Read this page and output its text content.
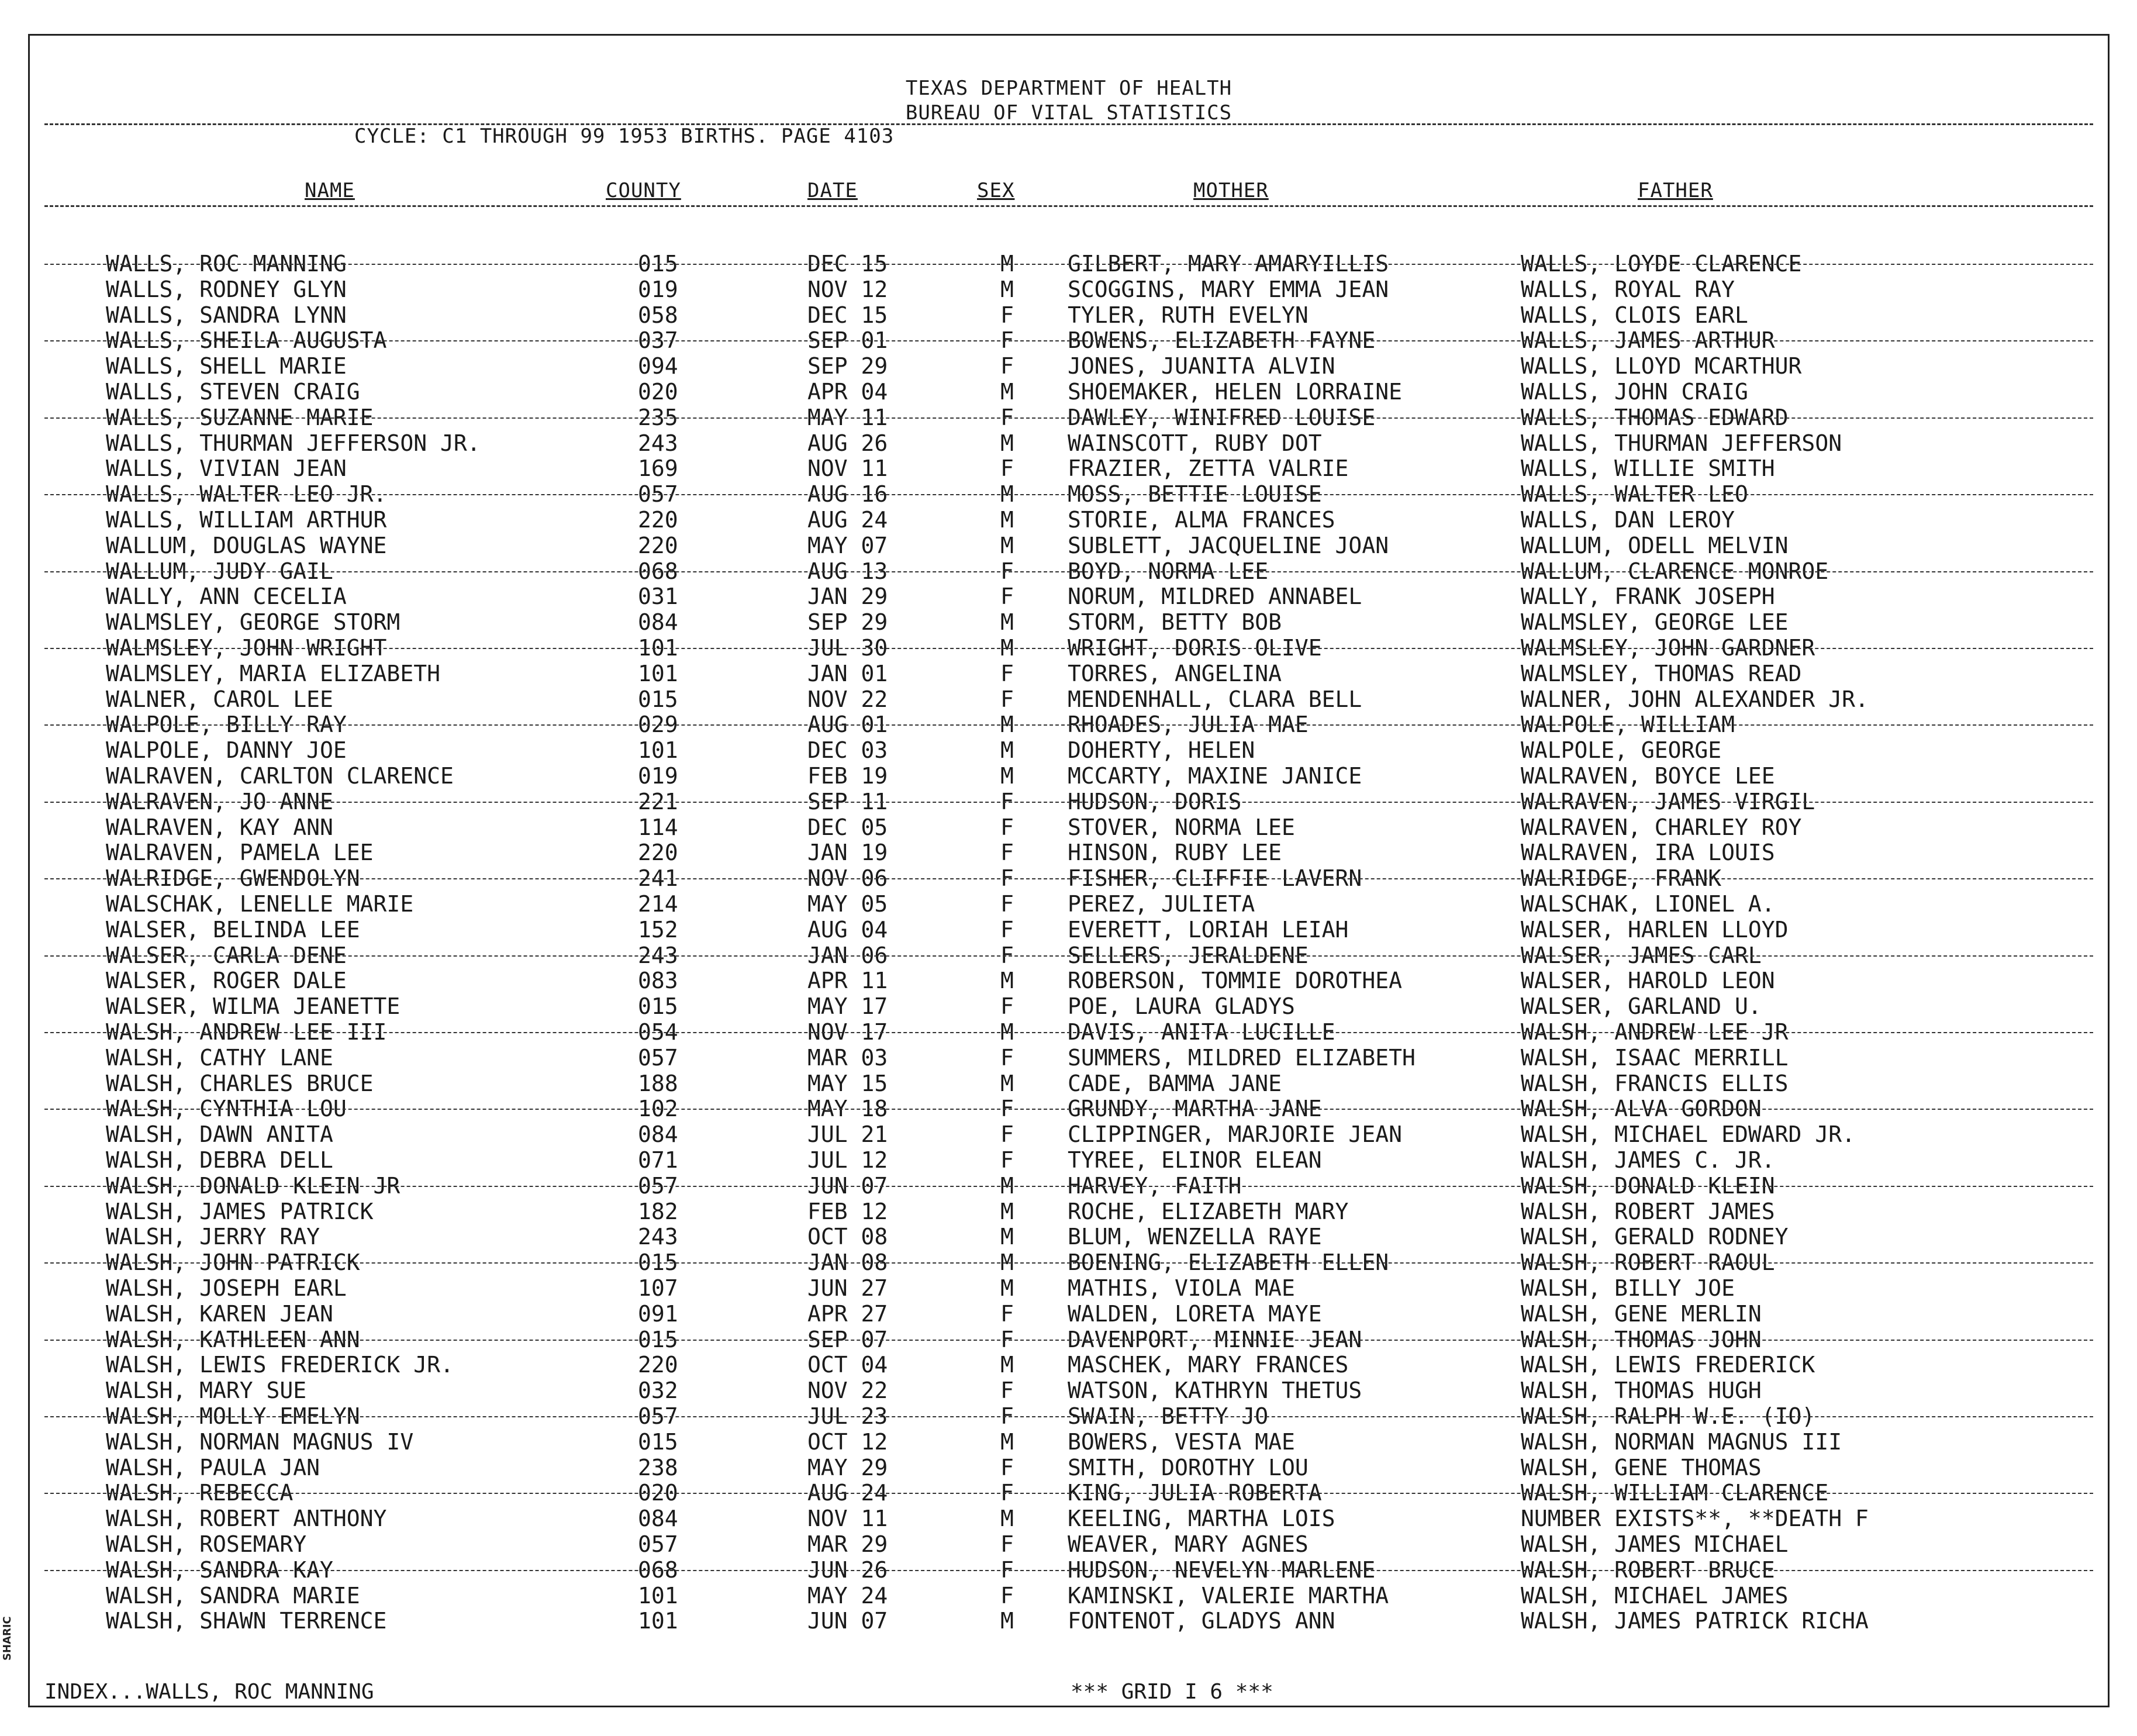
TEXAS DEPARTMENT OF HEALTH
BUREAU OF VITAL STATISTICS
CYCLE: C1 THROUGH 99 1953 BIRTHS. PAGE 4103
NAME	COUNTY	DATE	SEX	MOTHER	FATHER
WALLS, ROC MANNING	015	DEC 15	M GILBERT, MARY AMARYILLIS	WALLS, LOYDE CLARENCE
WALLS, RODNEY GLYN	019	NOV 12	M SCOGGINS, MARY EMMA JEAN	WALLS, ROYAL RAY
WALLS, SANDRA LYNN	058	DEC 15	F TYLER, RUTH EVELYN	WALLS, CLOIS EARL
WALLS, SHEILA AUGUSTA	037	SEP 01	F BOWENS, ELIZABETH FAYNE	WALLS, JAMES ARTHUR
WALLS, SHELL MARIE	094	SEP 29	F JONES, JUANITA ALVIN	WALLS, LLOYD MCARTHUR
WALLS, STEVEN CRAIG	020	APR 04	M SHOEMAKER, HELEN LORRAINE	WALLS, JOHN CRAIG
WALLS, SUZANNE MARIE	235	MAY 11	F DAWLEY, WINIFRED LOUISE	WALLS, THOMAS EDWARD
WALLS, THURMAN JEFFERSON JR.	243	AUG 26	M WAINSCOTT, RUBY DOT	WALLS, THURMAN JEFFERSON
WALLS, VIVIAN JEAN	169	NOV 11	F FRAZIER, ZETTA VALRIE	WALLS, WILLIE SMITH
WALLS, WALTER LEO JR.	057	AUG 16	M MOSS, BETTIE LOUISE	WALLS, WALTER LEO
WALLS, WILLIAM ARTHUR	220	AUG 24	M STORIE, ALMA FRANCES	WALLS, DAN LEROY
WALLUM, DOUGLAS WAYNE	220	MAY 07	M SUBLETT, JACQUELINE JOAN	WALLUM, ODELL MELVIN
WALLUM, JUDY GAIL	068	AUG 13	F BOYD, NORMA LEE	WALLUM, CLARENCE MONROE
WALLY, ANN CECELIA	031	JAN 29	F NORUM, MILDRED ANNABEL	WALLY, FRANK JOSEPH
WALMSLEY, GEORGE STORM	084	SEP 29	M STORM, BETTY BOB	WALMSLEY, GEORGE LEE
WALMSLEY, JOHN WRIGHT	101	JUL 30	M WRIGHT, DORIS OLIVE	WALMSLEY, JOHN GARDNER
WALMSLEY, MARIA ELIZABETH	101	JAN 01	F TORRES, ANGELINA	WALMSLEY, THOMAS READ
WALNER, CAROL LEE	015	NOV 22	F MENDENHALL, CLARA BELL	WALNER, JOHN ALEXANDER JR.
WALPOLE, BILLY RAY	029	AUG 01	M RHOADES, JULIA MAE	WALPOLE, WILLIAM
WALPOLE, DANNY JOE	101	DEC 03	M DOHERTY, HELEN	WALPOLE, GEORGE
WALRAVEN, CARLTON CLARENCE	019	FEB 19	M MCCARTY, MAXINE JANICE	WALRAVEN, BOYCE LEE
WALRAVEN, JO ANNE	221	SEP 11	F HUDSON, DORIS	WALRAVEN, JAMES VIRGIL
WALRAVEN, KAY ANN	114	DEC 05	F STOVER, NORMA LEE	WALRAVEN, CHARLEY ROY
WALRAVEN, PAMELA LEE	220	JAN 19	F HINSON, RUBY LEE	WALRAVEN, IRA LOUIS
WALRIDGE, GWENDOLYN	241	NOV 06	F FISHER, CLIFFIE LAVERN	WALRIDGE, FRANK
WALSCHAK, LENELLE MARIE	214	MAY 05	F PEREZ, JULIETA	WALSCHAK, LIONEL A.
WALSER, BELINDA LEE	152	AUG 04	F EVERETT, LORIAH LEIAH	WALSER, HARLEN LLOYD
WALSER, CARLA DENE	243	JAN 06	F SELLERS, JERALDENE	WALSER, JAMES CARL
WALSER, ROGER DALE	083	APR 11	M ROBERSON, TOMMIE DOROTHEA	WALSER, HAROLD LEON
WALSER, WILMA JEANETTE	015	MAY 17	F POE, LAURA GLADYS	WALSER, GARLAND U.
WALSH, ANDREW LEE III	054	NOV 17	M DAVIS, ANITA LUCILLE	WALSH, ANDREW LEE JR
WALSH, CATHY LANE	057	MAR 03	F SUMMERS, MILDRED ELIZABETH	WALSH, ISAAC MERRILL
WALSH, CHARLES BRUCE	188	MAY 15	M CADE, BAMMA JANE	WALSH, FRANCIS ELLIS
WALSH, CYNTHIA LOU	102	MAY 18	F GRUNDY, MARTHA JANE	WALSH, ALVA GORDON
WALSH, DAWN ANITA	084	JUL 21	F CLIPPINGER, MARJORIE JEAN	WALSH, MICHAEL EDWARD JR.
WALSH, DEBRA DELL	071	JUL 12	F TYREE, ELINOR ELEAN	WALSH, JAMES C. JR.
WALSH, DONALD KLEIN JR	057	JUN 07	M HARVEY, FAITH	WALSH, DONALD KLEIN
WALSH, JAMES PATRICK	182	FEB 12	M ROCHE, ELIZABETH MARY	WALSH, ROBERT JAMES
WALSH, JERRY RAY	243	OCT 08	M BLUM, WENZELLA RAYE	WALSH, GERALD RODNEY
WALSH, JOHN PATRICK	015	JAN 08	M BOENING, ELIZABETH ELLEN	WALSH, ROBERT RAOUL
WALSH, JOSEPH EARL	107	JUN 27	M MATHIS, VIOLA MAE	WALSH, BILLY JOE
WALSH, KAREN JEAN	091	APR 27	F WALDEN, LORETA MAYE	WALSH, GENE MERLIN
WALSH, KATHLEEN ANN	015	SEP 07	F DAVENPORT, MINNIE JEAN	WALSH, THOMAS JOHN
WALSH, LEWIS FREDERICK JR.	220	OCT 04	M MASCHEK, MARY FRANCES	WALSH, LEWIS FREDERICK
WALSH, MARY SUE	032	NOV 22	F WATSON, KATHRYN THETUS	WALSH, THOMAS HUGH
WALSH, MOLLY EMELYN	057	JUL 23	F SWAIN, BETTY JO	WALSH, RALPH W.E. (IO)
WALSH, NORMAN MAGNUS IV	015	OCT 12	M BOWERS, VESTA MAE	WALSH, NORMAN MAGNUS III
WALSH, PAULA JAN	238	MAY 29	F SMITH, DOROTHY LOU	WALSH, GENE THOMAS
WALSH, REBECCA	020	AUG 24	F KING, JULIA ROBERTA	WALSH, WILLIAM CLARENCE
WALSH, ROBERT ANTHONY	084	NOV 11	M KEELING, MARTHA LOIS	NUMBER EXISTS**, **DEATH F
WALSH, ROSEMARY	057	MAR 29	F WEAVER, MARY AGNES	WALSH, JAMES MICHAEL
WALSH, SANDRA KAY	068	JUN 26	F HUDSON, NEVELYN MARLENE	WALSH, ROBERT BRUCE
WALSH, SANDRA MARIE	101	MAY 24	F KAMINSKI, VALERIE MARTHA	WALSH, MICHAEL JAMES
WALSH, SHAWN TERRENCE	101	JUN 07	M FONTENOT, GLADYS ANN	WALSH, JAMES PATRICK RICHA
INDEX...WALLS, ROC MANNING	*** GRID I 6 ***
SHARIC
